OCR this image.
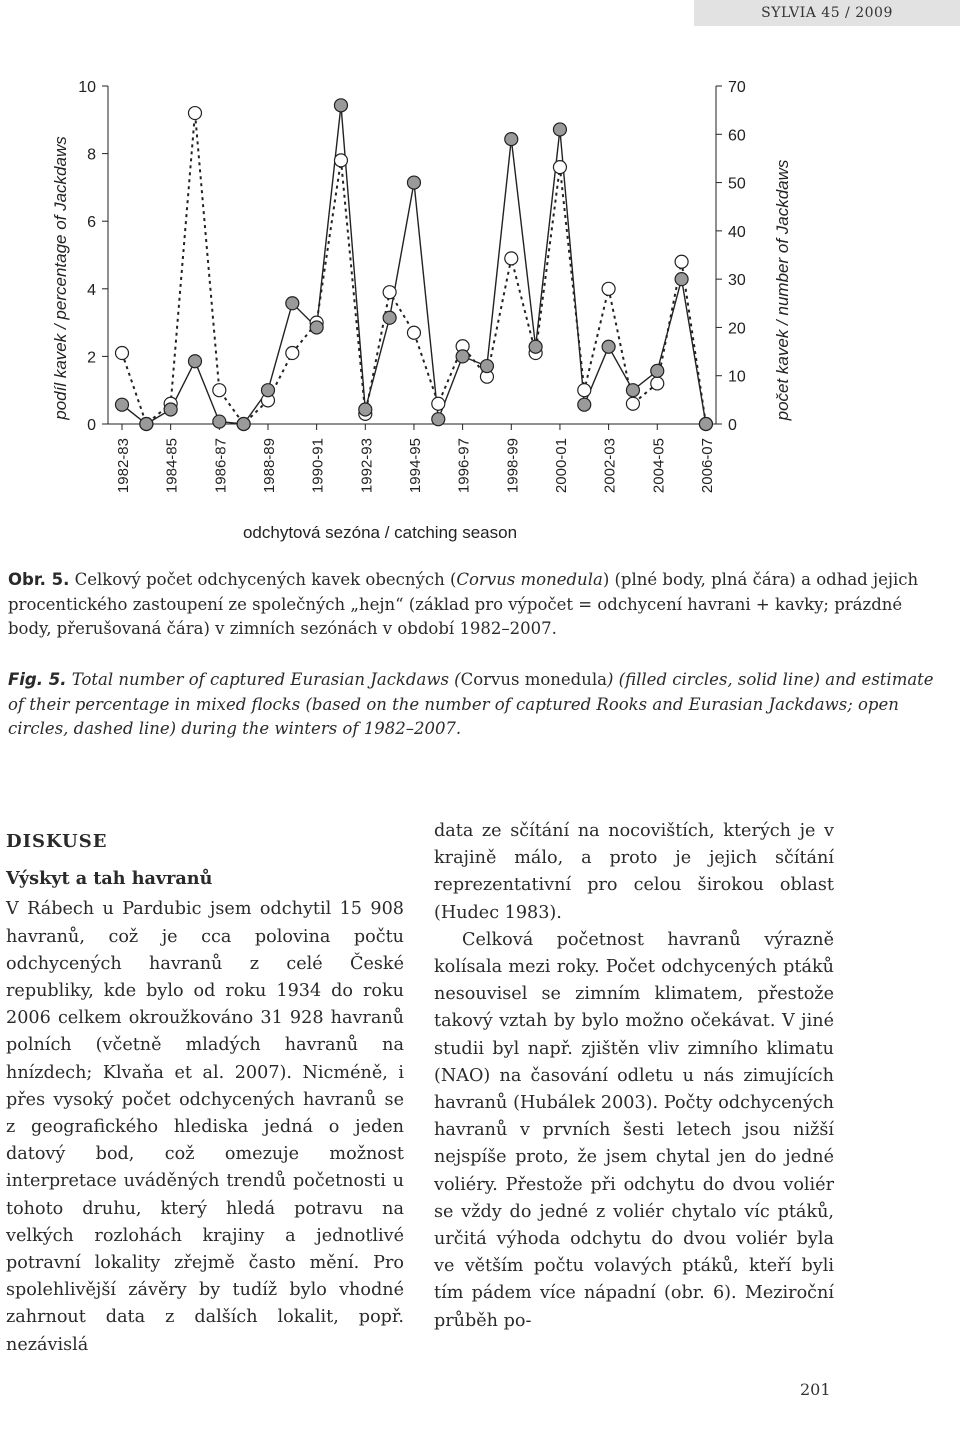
SYLVIA 45 / 2009
0
2
4
6
8
10
0
10
20
30
40
50
60
70
1982-83 1984-85 1986-87 1988-89 1990-91 1992-93 1994-95 1996-97 1998-99 2000-01 2002-03 2004-05 2006-07
podíl kavek / percentage of Jackdaws	počet kavek / number of Jackdaws
odchytová sezóna / catching season
Obr. 5. Celkový počet odchycených kavek obecných (Corvus monedula) (plné body, plná čára) a odhad jejich procentického zastoupení ze společných „hejn“ (základ pro výpočet = odchycení havrani + kavky; prázdné body, přerušovaná čára) v zimních sezónách v období 1982–2007.
Fig. 5. Total number of captured Eurasian Jackdaws (Corvus monedula) (filled circles, solid line) and estimate of their percentage in mixed flocks (based on the number of captured Rooks and Eurasian Jackdaws; open circles, dashed line) during the winters of 1982–2007.
DISKUSE
Výskyt a tah havranů

V Rábech u Pardubic jsem odchytil 15 908 havranů, což je cca polovina počtu odchycených havranů z celé České republiky, kde bylo od roku 1934 do roku 2006 celkem okroužkováno 31 928 havranů polních (včetně mladých havranů na hnízdech; Klvaňa et al. 2007). Nicméně, i přes vysoký počet odchycených havranů se z geografického hlediska jedná o jeden datový bod, což omezuje možnost interpretace uváděných trendů početnosti u tohoto druhu, který hledá potravu na velkých rozlohách krajiny a jednotlivé potravní lokality zřejmě často mění. Pro spolehlivější závěry by tudíž bylo vhodné zahrnout data z dalších lokalit, popř. nezávislá

data ze sčítání na nocovištích, kterých je v krajině málo, a proto je jejich sčítání reprezentativní pro celou širokou oblast (Hudec 1983).

Celková početnost havranů výrazně kolísala mezi roky. Počet odchycených ptáků nesouvisel se zimním klimatem, přestože takový vztah by bylo možno očekávat. V jiné studii byl např. zjištěn vliv zimního klimatu (NAO) na časování odletu u nás zimujících havranů (Hubálek 2003). Počty odchycených havranů v prvních šesti letech jsou nižší nejspíše proto, že jsem chytal jen do jedné voliéry. Přestože při odchytu do dvou voliér se vždy do jedné z voliér chytalo víc ptáků, určitá výhoda odchytu do dvou voliér byla ve větším počtu volavých ptáků, kteří byli tím pádem více nápadní (obr. 6). Meziroční průběh po-

201
